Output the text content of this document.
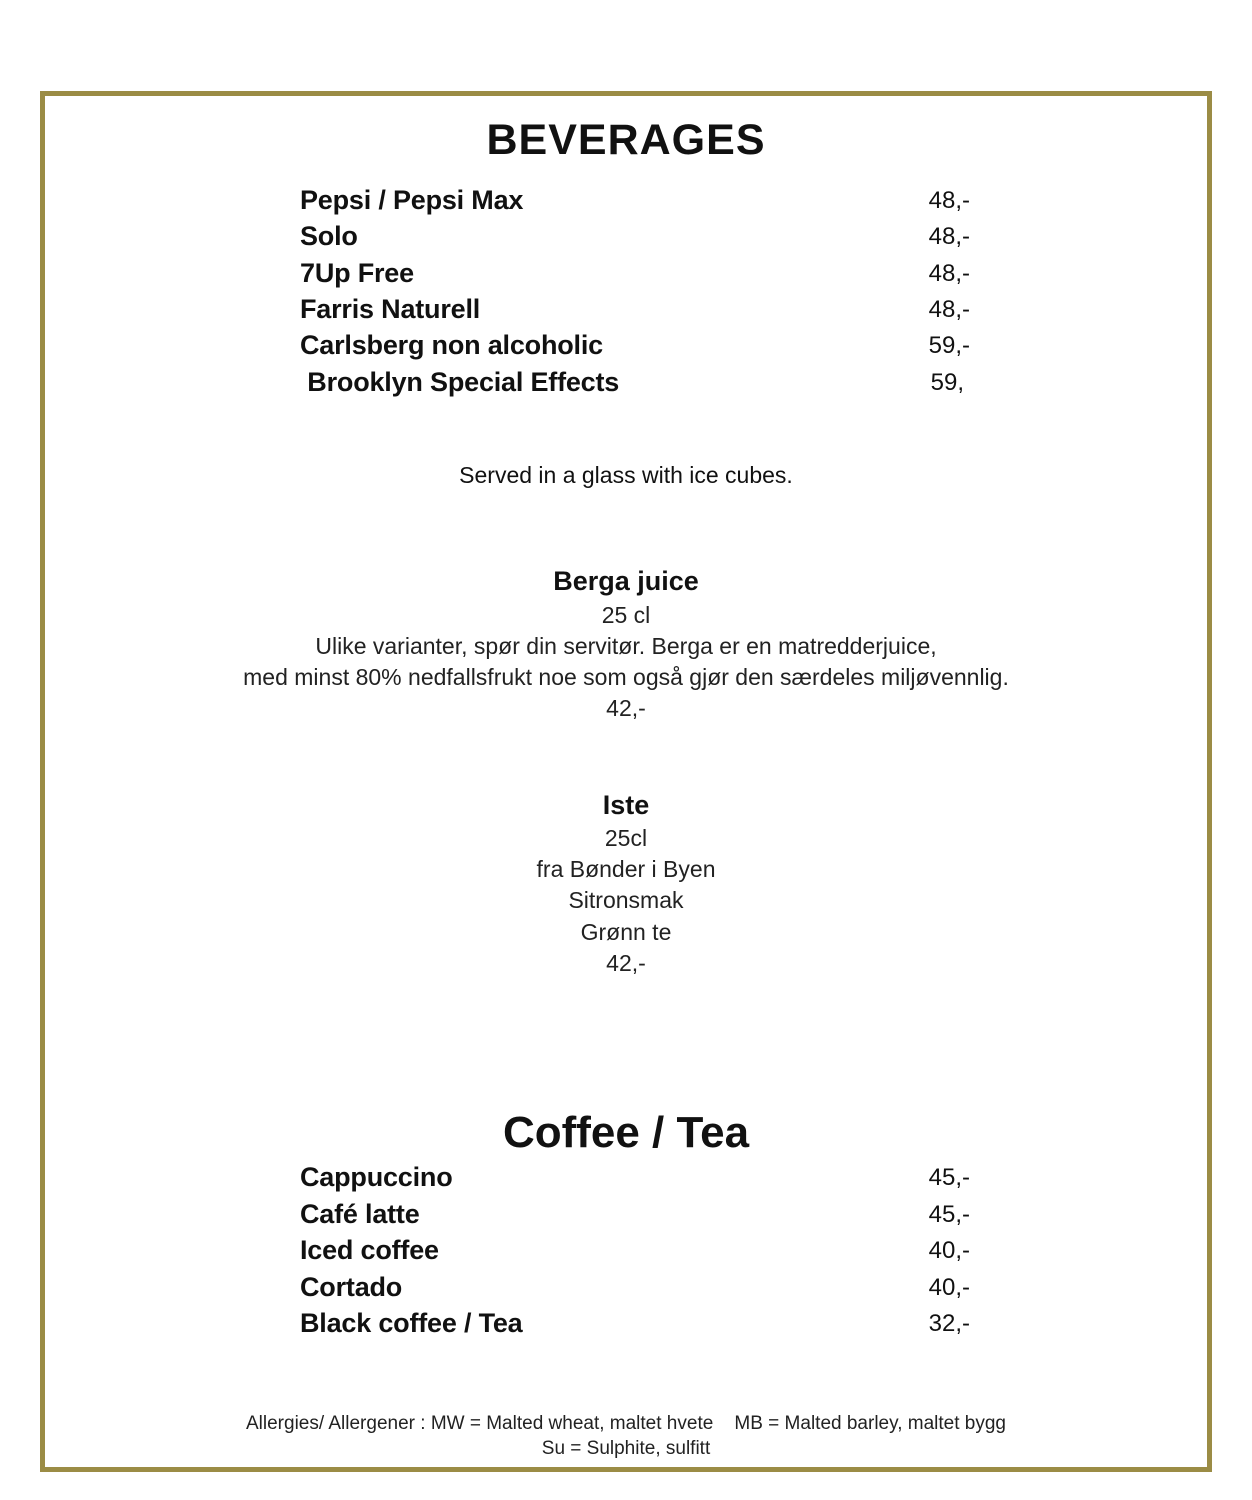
BEVERAGES
Pepsi / Pepsi Max	48,-
Solo	48,-
7Up Free	48,-
Farris Naturell	48,-
Carlsberg non alcoholic	59,-
Brooklyn Special Effects	59,

Served in a glass with ice cubes.

Berga juice

25 cl

Ulike varianter, spør din servitør. Berga er en matredderjuice,

med minst 80% nedfallsfrukt noe som også gjør den særdeles miljøvennlig.

42,-

Iste

25cl

fra Bønder i Byen

Sitronsmak

Grønn te

42,-

Coffee / Tea
Cappuccino	45,-
Café latte	45,-
Iced coffee	40,-
Cortado	40,-
Black coffee / Tea	32,-

Allergies/ Allergener : MW = Malted wheat, maltet hvete    MB = Malted barley, maltet bygg

Su = Sulphite, sulfitt
